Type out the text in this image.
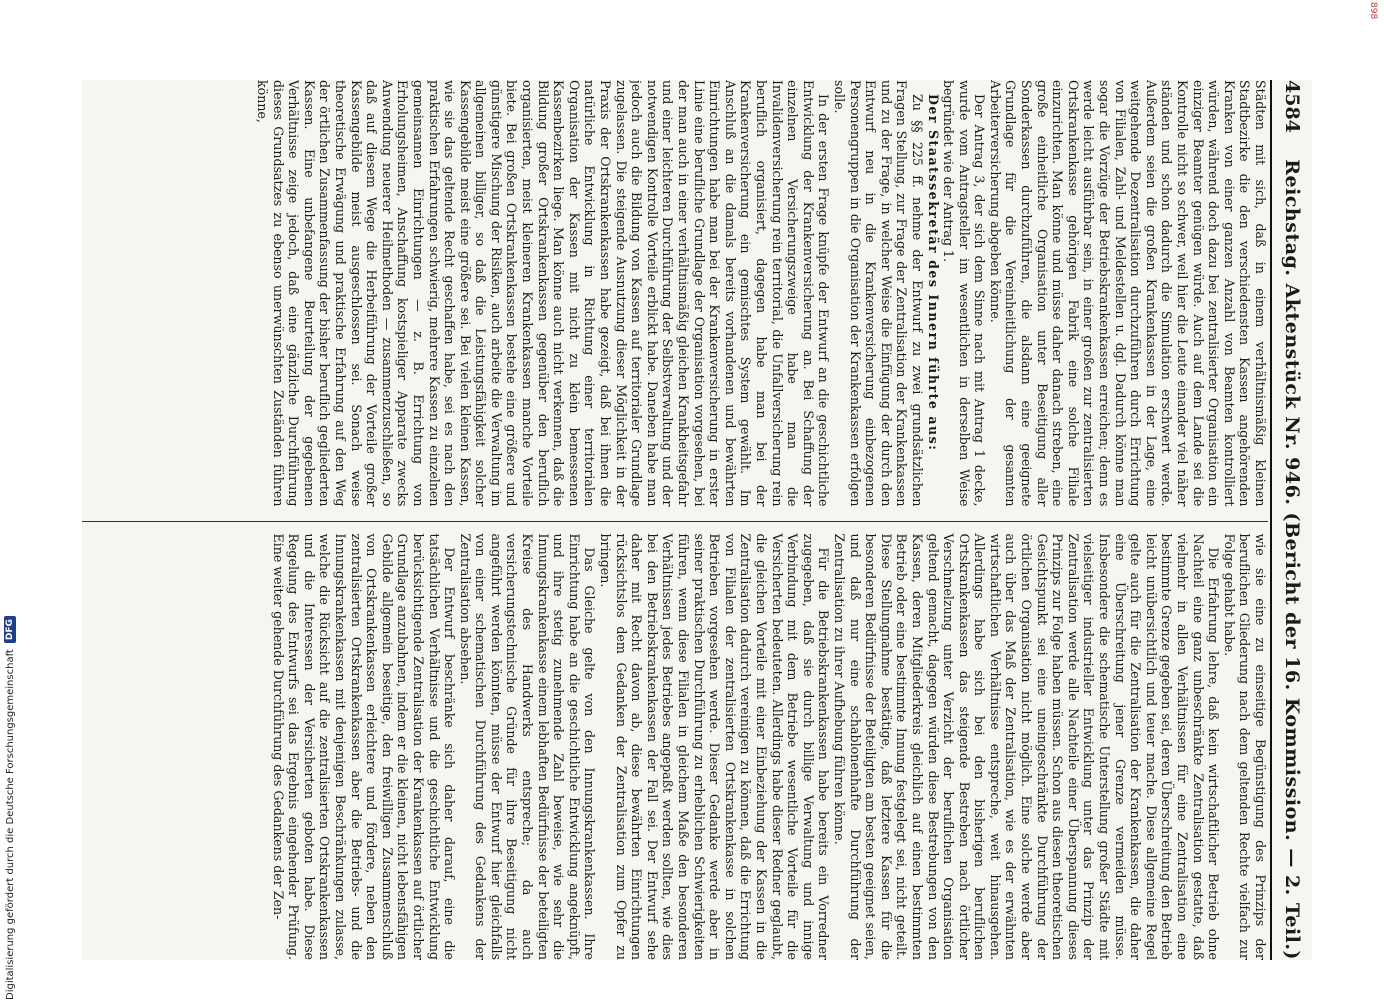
898
Digitalisierung gefördert durch die Deutsche Forschungsgemeinschaft
DFG
4584
Reichstag. Aktenstück Nr. 946. (Bericht der 16. Kommission. — 2. Teil.)

Städten mit sich, daß in einem verhältnismäßig kleinen Stadtbezirke die den verschiedensten Kassen angehörenden Kranken von einer ganzen Anzahl von Beamten kontrolliert würden, während doch dazu bei zentralisierter Organisation ein einziger Beamter genügen würde. Auch auf dem Lande sei die Kontrolle nicht so schwer, weil hier die Leute einander viel näher ständen und schon dadurch die Simulation erschwert werde. Außerdem seien die großen Krankenkassen in der Lage, eine weitgehende Dezentralisation durchzuführen durch Errichtung von Filialen, Zahl- und Meldestellen u. dgl. Dadurch könne man sogar die Vorzüge der Betriebskrankenkassen erreichen; denn es werde leicht ausführbar sein, in einer großen zur zentralisierten Ortskrankenkasse gehörigen Fabrik eine solche Filiale einzurichten. Man könne und müsse daher danach streben, eine große einheitliche Organisation unter Beseitigung aller Sonderkassen durchzuführen, die alsdann eine geeignete Grundlage für die Vereinheitlichung der gesamten Arbeiterversicherung abgeben könne.

Der Antrag 3, der sich dem Sinne nach mit Antrag 1 decke, wurde vom Antragsteller im wesentlichen in derselben Weise begründet wie der Antrag 1.

Der Staatssekretär des Innern führte aus:

Zu §§ 225 ff. nehme der Entwurf zu zwei grundsätzlichen Fragen Stellung, zur Frage der Zentralisation der Krankenkassen und zu der Frage, in welcher Weise die Einfügung der durch den Entwurf neu in die Krankenversicherung einbezogenen Personengruppen in die Organisation der Krankenkassen erfolgen solle.

In der ersten Frage knüpfe der Entwurf an die geschichtliche Entwicklung der Krankenversicherung an. Bei Schaffung der einzelnen Versicherungszweige habe man die Invalidenversicherung rein territorial, die Unfallversicherung rein beruflich organisiert, dagegen habe man bei der Krankenversicherung ein gemischtes System gewählt. Im Anschluß an die damals bereits vorhandenen und bewährten Einrichtungen habe man bei der Krankenversicherung in erster Linie eine berufliche Grundlage der Organisation vorgesehen, bei der man auch in einer verhältnismäßig gleichen Krankheitsgefahr und einer leichteren Durchführung der Selbstverwaltung und der notwendigen Kontrolle Vorteile erblickt habe. Daneben habe man jedoch auch die Bildung von Kassen auf territorialer Grundlage zugelassen. Die steigende Ausnutzung dieser Möglichkeit in der Praxis der Ortskrankenkassen habe gezeigt, daß bei ihnen die natürliche Entwicklung in Richtung einer territorialen Organisation der Kassen mit nicht zu klein bemessenen Kassenbezirken liege. Man könne auch nicht verkennen, daß die Bildung großer Ortskrankenkassen gegenüber den beruflich organisierten, meist kleineren Krankenkassen manche Vorteile biete. Bei großen Ortskrankenkassen bestehe eine größere und günstigere Mischung der Risiken, auch arbeite die Verwaltung im allgemeinen billiger, so daß die Leistungsfähigkeit solcher Kassengebilde meist eine größere sei. Bei vielen kleinen Kassen, wie sie das geltende Recht geschaffen habe, sei es nach den praktischen Erfahrungen schwierig, mehrere Kassen zu einzelnen gemeinsamen Einrichtungen — z. B. Errichtung von Erholungsheimen, Anschaffung kostspieliger Apparate zwecks Anwendung neuerer Heilmethoden — zusammenzuschließen, so daß auf diesem Wege die Herbeiführung der Vorteile großer Kassengebilde meist ausgeschlossen sei. Sonach weise theoretische Erwägung und praktische Erfahrung auf den Weg der örtlichen Zusammenfassung der bisher beruflich gegliederten Kassen. Eine unbefangene Beurteilung der gegebenen Verhältnisse zeige jedoch, daß eine gänzliche Durchführung dieses Grundsatzes zu ebenso unerwünschten Zuständen führen könne,

wie sie eine zu einseitige Begünstigung des Prinzips der beruflichen Gliederung nach dem geltenden Rechte vielfach zur Folge gehabt habe.

Die Erfahrung lehre, daß kein wirtschaftlicher Betrieb ohne Nachteil eine ganz unbeschränkte Zentralisation gestatte, daß vielmehr in allen Verhältnissen für eine Zentralisation eine bestimmte Grenze gegeben sei, deren Überschreitung den Betrieb leicht unübersichtlich und teuer mache. Diese allgemeine Regel gelte auch für die Zentralisation der Krankenkassen, die daher eine Überschreitung jener Grenze vermeiden müsse. Insbesondere die schematische Unterstellung großer Städte mit vielseitiger industrieller Entwicklung unter das Prinzip der Zentralisation werde alle Nachteile einer Überspannung dieses Prinzips zur Folge haben müssen. Schon aus diesen theoretischen Gesichtspunkt sei eine uneingeschränkte Durchführung der örtlichen Organisation nicht möglich. Eine solche werde aber auch über das Maß der Zentralisation, wie es der erwähnten wirtschaftlichen Verhältnisse entspreche, weit hinausgehen. Allerdings habe sich bei den bisherigen beruflichen Ortskrankenkassen das steigende Bestreben nach örtlicher Verschmelzung unter Verzicht der beruflichen Organisation geltend gemacht, dagegen würden diese Bestrebungen von den Kassen, deren Mitgliederkreis gleichlich auf einen bestimmten Betrieb oder eine bestimmte Innung festgelegt sei, nicht geteilt. Diese Stellungnahme bestätige, daß letztere Kassen für die besonderen Bedürfnisse der Beteiligten am besten geeignet seien, und daß nur eine schablonenhafte Durchführung der Zentralisation zu ihrer Aufhebung führen könne.

Für die Betriebskrankenkassen habe bereits ein Vorredner zugegeben, daß sie durch billige Verwaltung und innige Verbindung mit dem Betriebe wesentliche Vorteile für die Versicherten bedeuteten. Allerdings habe dieser Redner geglaubt, die gleichen Vorteile mit einer Einbeziehung der Kassen in die Zentralisation dadurch vereinigen zu können, daß die Errichtung von Filialen der zentralisierten Ortskrankenkasse in solchen Betrieben vorgesehen werde. Dieser Gedanke werde aber in seiner praktischen Durchführung zu erheblichen Schwierigkeiten führen, wenn diese Filialen in gleichem Maße den besonderen Verhältnissen jedes Betriebes angepaßt werden sollten, wie dies bei den Betriebskrankenkassen der Fall sei. Der Entwurf sehe daher mit Recht davon ab, diese bewährten Einrichtungen rücksichtslos dem Gedanken der Zentralisation zum Opfer zu bringen.

Das Gleiche gelte von den Innungskrankenkassen. Ihre Einrichtung habe an die geschichtliche Entwicklung angeknüpft, und ihre stetig zunehmende Zahl beweise, wie sehr die Innungskrankenkasse einem lebhaften Bedürfnisse der beteiligten Kreise des Handwerks entspreche; da auch versicherungstechnische Gründe für ihre Beseitigung nicht angeführt werden könnten, müsse der Entwurf hier gleichfalls von einer schematischen Durchführung des Gedankens der Zentralisation absehen.

Der Entwurf beschränke sich daher darauf, eine die tatsächlichen Verhältnisse und die geschichtliche Entwicklung berücksichtigende Zentralisation der Krankenkassen auf örtlicher Grundlage anzubahnen, indem er die kleinen, nicht lebensfähigen Gebilde allgemein beseitige, den freiwilligen Zusammenschluß von Ortskrankenkassen erleichtere und fördere, neben den zentralisierten Ortskrankenkassen aber die Betriebs- und die Innungskrankenkassen mit denjenigen Beschränkungen zulasse, welche die Rücksicht auf die zentralisierten Ortskrankenkassen und die Interessen der Versicherten geboten habe. Diese Regelung des Entwurfs sei das Ergebnis eingehender Prüfung. Eine weiter gehende Durchführung des Gedankens der Zen-
